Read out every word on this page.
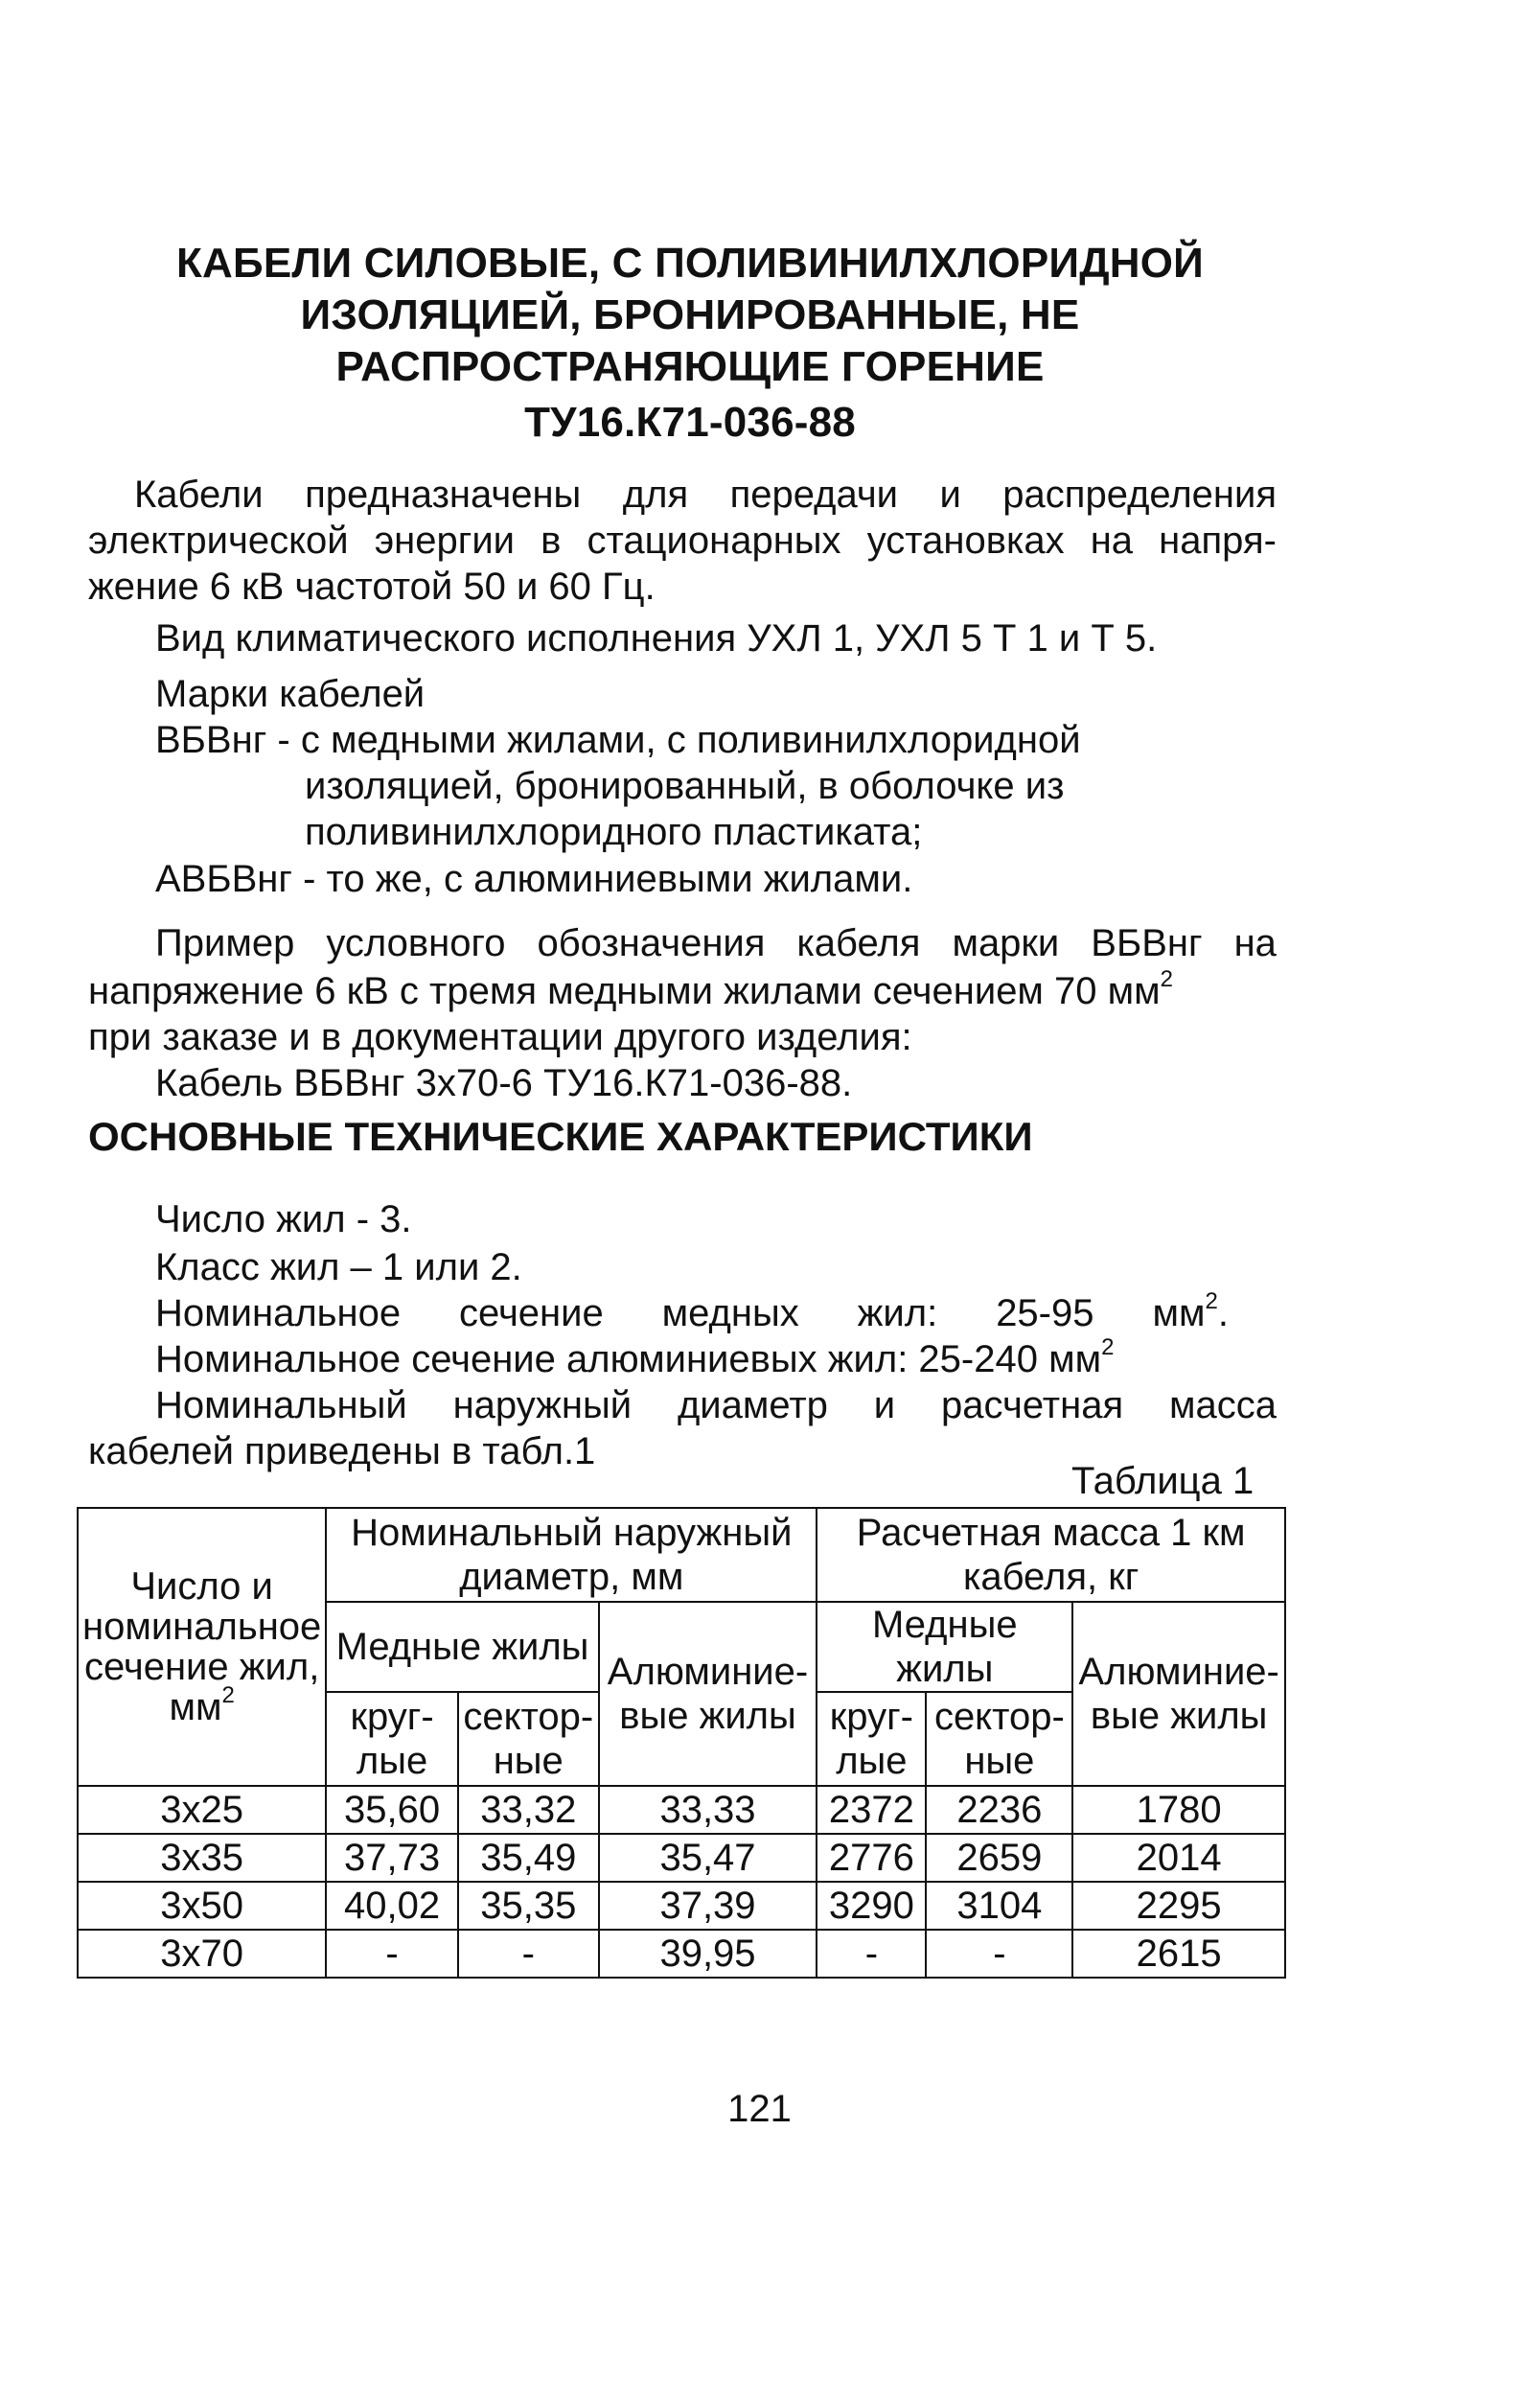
КАБЕЛИ СИЛОВЫЕ, С ПОЛИВИНИЛХЛОРИДНОЙ
ИЗОЛЯЦИЕЙ, БРОНИРОВАННЫЕ, НЕ
РАСПРОСТРАНЯЮЩИЕ ГОРЕНИЕ
ТУ16.К71-036-88
Кабели предназначены для передачи и распределения
электрической энергии в стационарных установках на напря-
жение 6 кВ частотой 50 и 60 Гц.
Вид климатического исполнения УХЛ 1, УХЛ 5 Т 1 и Т 5.
Марки кабелей
ВБВнг - с медными жилами, с поливинилхлоридной
изоляцией, бронированный, в оболочке из
поливинилхлоридного пластиката;
АВБВнг - то же, с алюминиевыми жилами.
Пример условного обозначения кабеля марки ВБВнг на
напряжение 6 кВ с тремя медными жилами сечением 70 $мм^2$
при заказе и в документации другого изделия:
Кабель ВБВнг 3х70-6 ТУ16.К71-036-88.
ОСНОВНЫЕ ТЕХНИЧЕСКИЕ ХАРАКТЕРИСТИКИ
Число жил - 3.
Класс жил – 1 или 2.
Номинальное сечение медных жил: 25-95 $мм^2$.
Номинальное сечение алюминиевых жил: 25-240 $мм^2$
Номинальный наружный диаметр и расчетная масса
кабелей приведены в табл.1
Таблица 1
Число и номинальное сечение жил, $мм^2$	Номинальный наружный диаметр, мм			Расчетная масса 1 км кабеля, кг		
	Медные жилы		Алюминие-вые жилы	Медные жилы		Алюминие-вые жилы
	круг-лые	сектор-ные		круг-лые	сектор-ные	
3х25	35,60	33,32	33,33	2372	2236	1780
3х35	37,73	35,49	35,47	2776	2659	2014
3х50	40,02	35,35	37,39	3290	3104	2295
3х70	-	-	39,95	-	-	2615
121
